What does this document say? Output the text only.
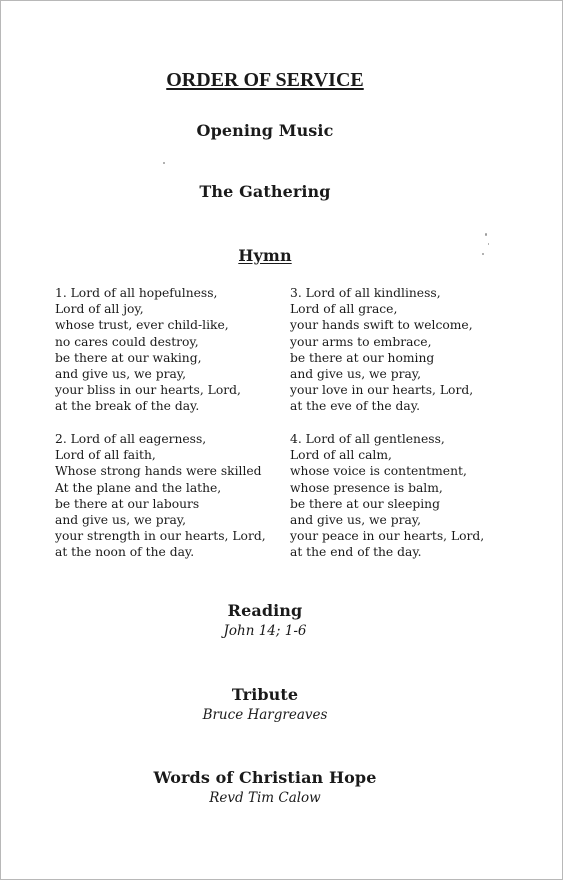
ORDER OF SERVICE
Opening Music
The Gathering
Hymn
1. Lord of all hopefulness,
Lord of all joy,
whose trust, ever child-like,
no cares could destroy,
be there at our waking,
and give us, we pray,
your bliss in our hearts, Lord,
at the break of the day.
2. Lord of all eagerness,
Lord of all faith,
Whose strong hands were skilled
At the plane and the lathe,
be there at our labours
and give us, we pray,
your strength in our hearts, Lord,
at the noon of the day.
3. Lord of all kindliness,
Lord of all grace,
your hands swift to welcome,
your arms to embrace,
be there at our homing
and give us, we pray,
your love in our hearts, Lord,
at the eve of the day.
4. Lord of all gentleness,
Lord of all calm,
whose voice is contentment,
whose presence is balm,
be there at our sleeping
and give us, we pray,
your peace in our hearts, Lord,
at the end of the day.
Reading
John 14; 1-6
Tribute
Bruce Hargreaves
Words of Christian Hope
Revd Tim Calow
